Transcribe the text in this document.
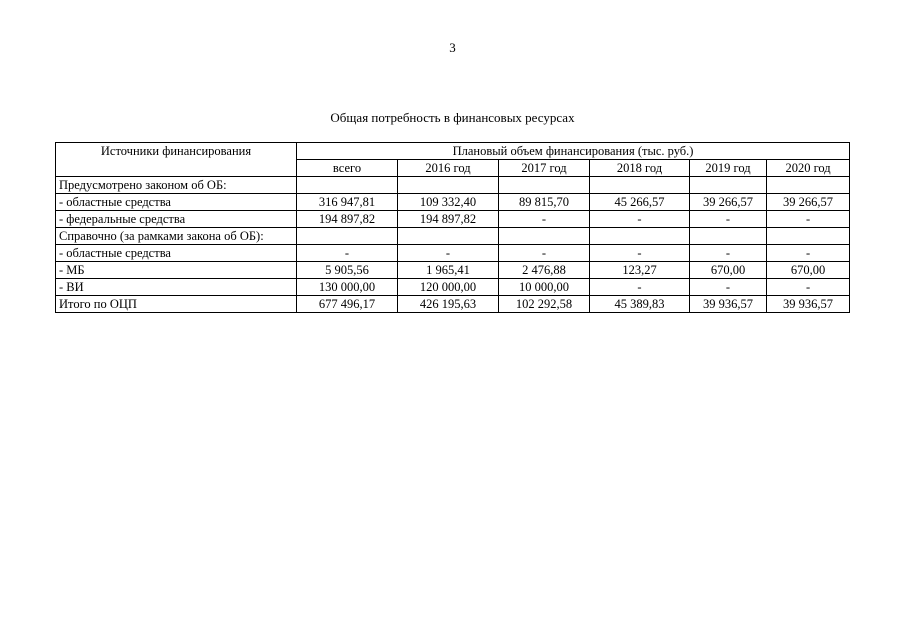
3
Общая потребность в финансовых ресурсах
Источники финансирования	Плановый объем финансирования (тыс. руб.)					
	всего	2016 год	2017 год	2018 год	2019 год	2020 год
Предусмотрено законом об ОБ:						
- областные средства	316 947,81	109 332,40	89 815,70	45 266,57	39 266,57	39 266,57
- федеральные средства	194 897,82	194 897,82	-	-	-	-
Справочно (за рамками закона об ОБ):						
- областные средства	-	-	-	-	-	-
- МБ	5 905,56	1 965,41	2 476,88	123,27	670,00	670,00
- ВИ	130 000,00	120 000,00	10 000,00	-	-	-
Итого по ОЦП	677 496,17	426 195,63	102 292,58	45 389,83	39 936,57	39 936,57
